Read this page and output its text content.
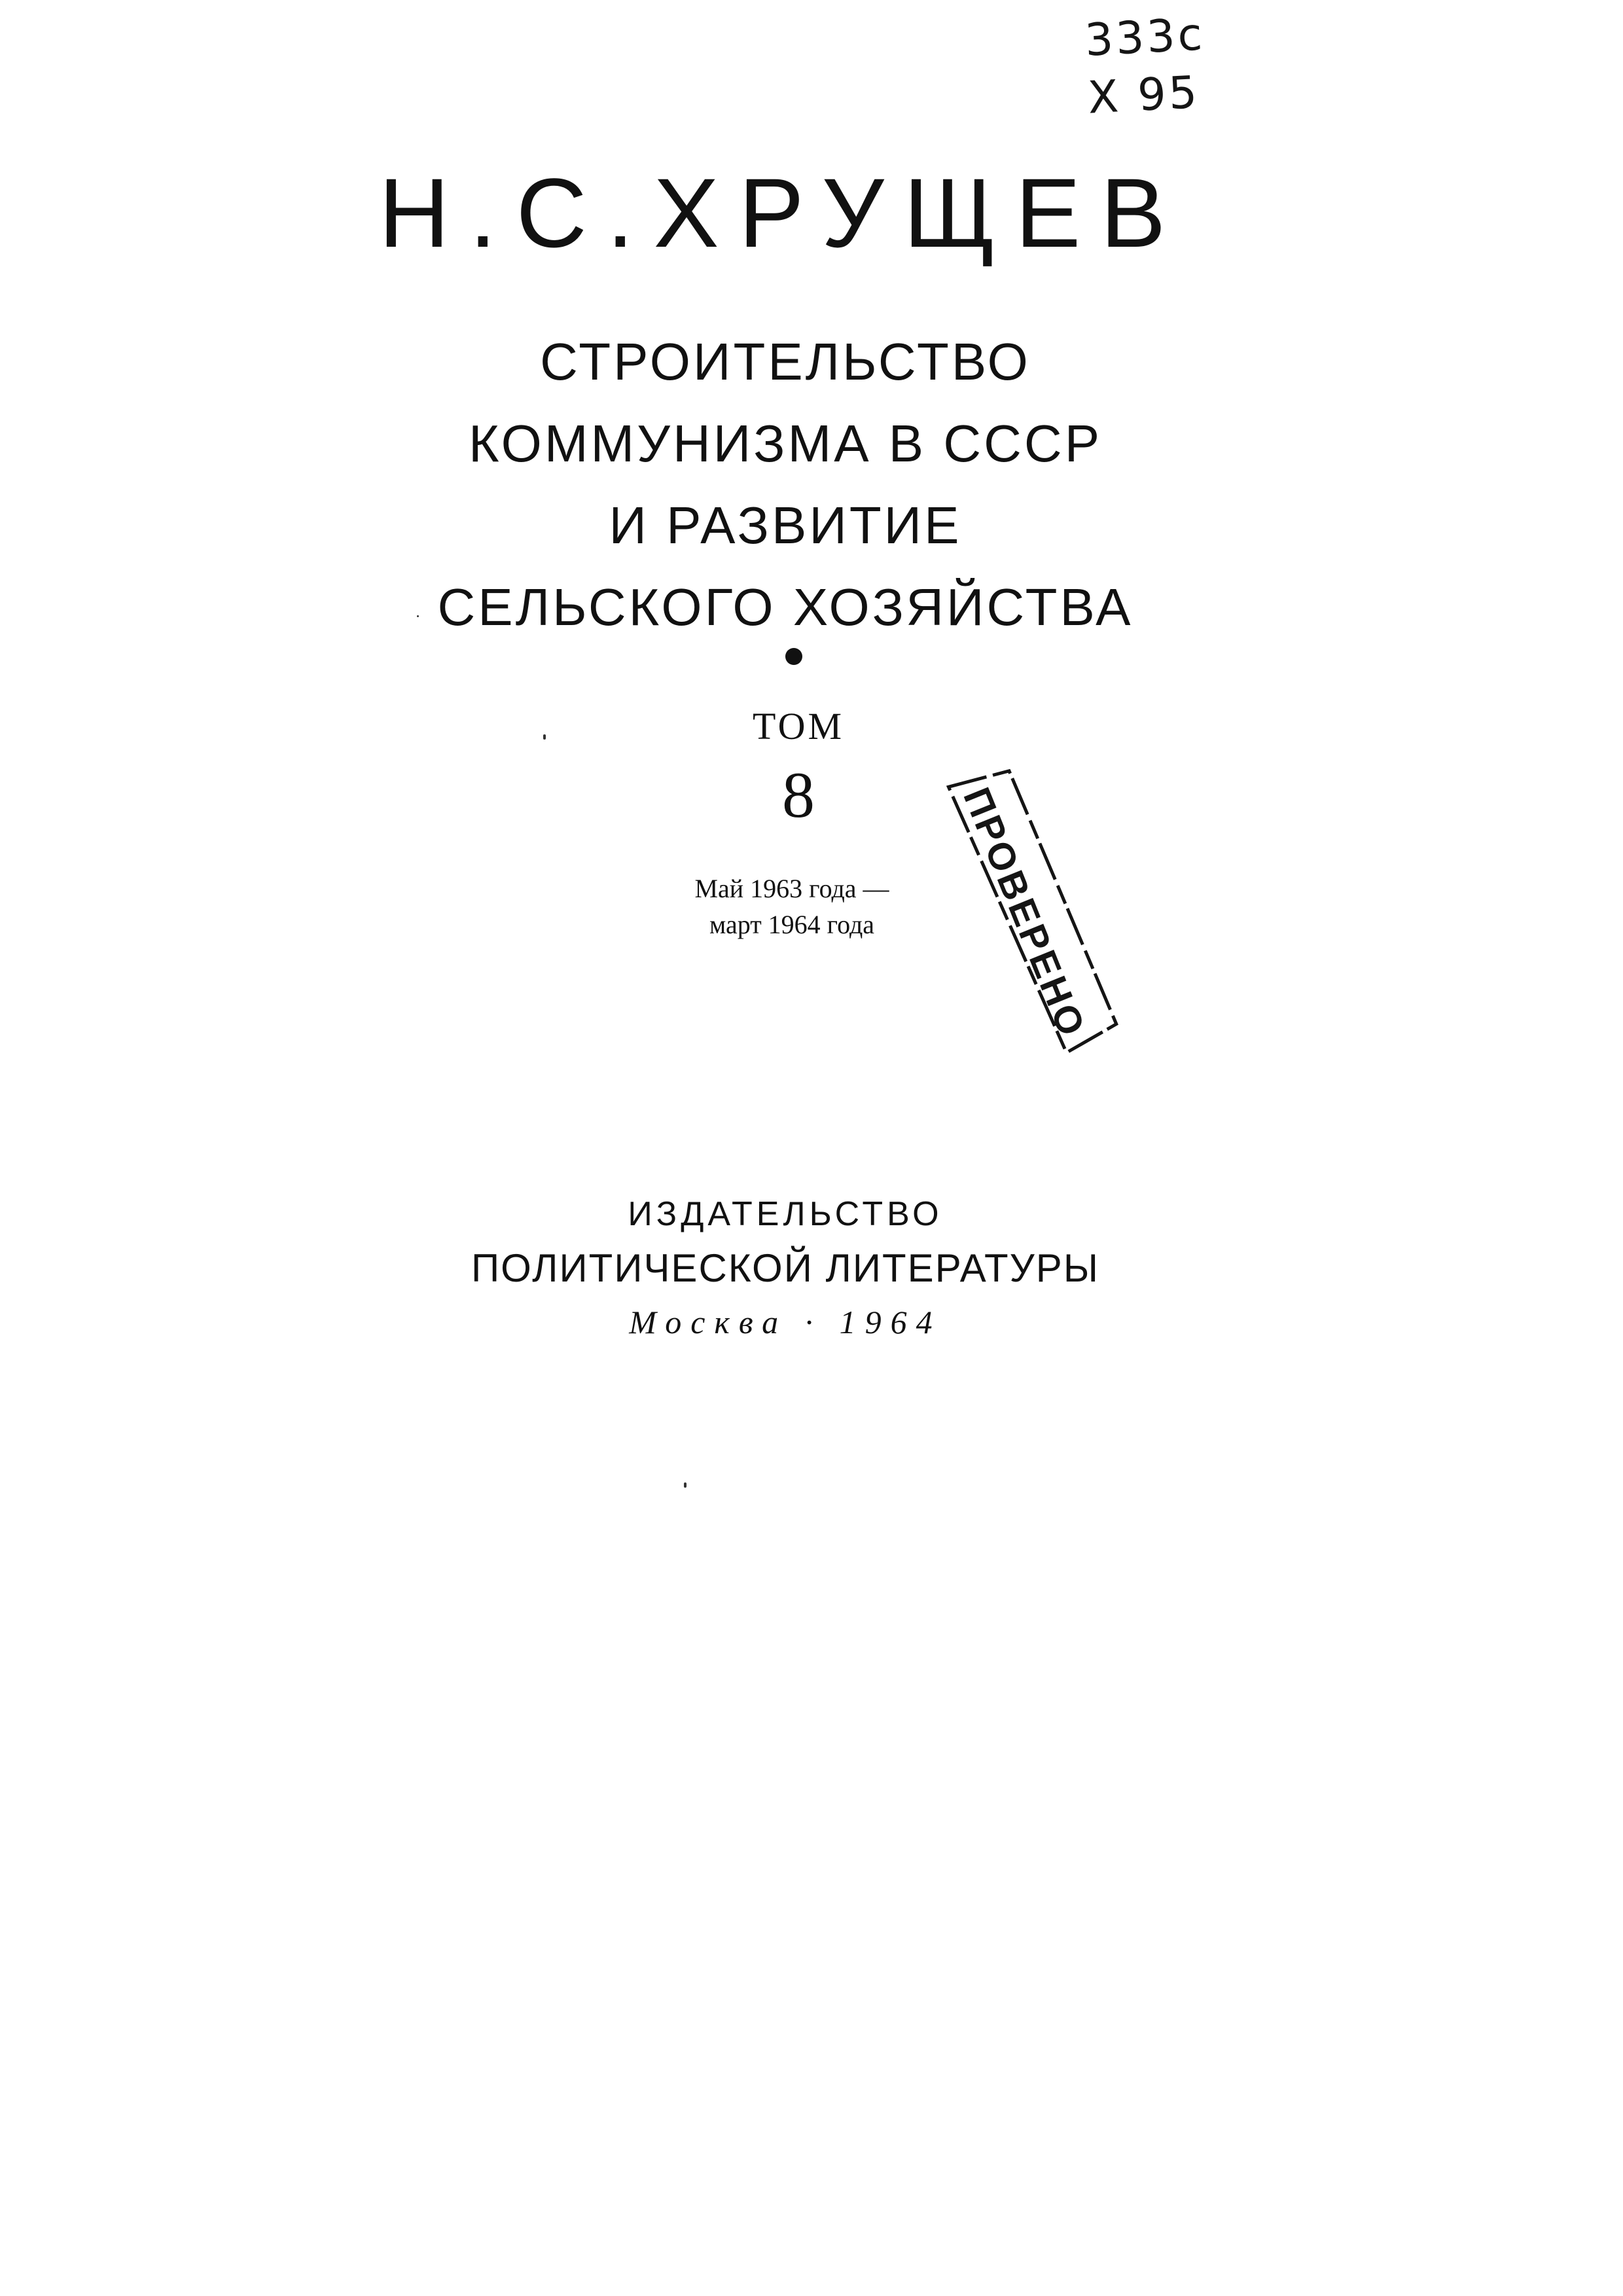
333с
Х 95
Н.С.ХРУЩЕВ
СТРОИТЕЛЬСТВО
КОММУНИЗМА В СССР
И РАЗВИТИЕ
СЕЛЬСКОГО ХОЗЯЙСТВА
ТОМ
8
Май 1963 года —
март 1964 года	ПРОВЕРЕНО
ИЗДАТЕЛЬСТВО
ПОЛИТИЧЕСКОЙ ЛИТЕРАТУРЫ
Москва · 1964
